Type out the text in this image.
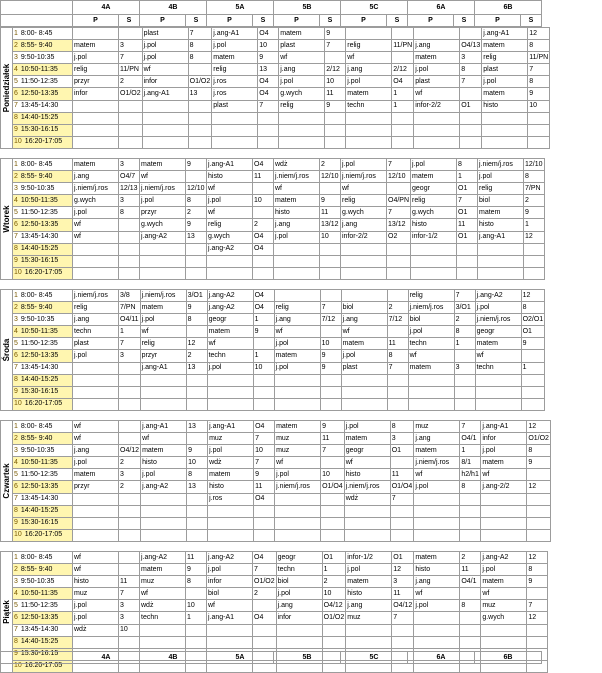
	4A		4B		5A		5B		5C		6A		6B	
	P	S	P	S	P	S	P	S	P	S	P	S	P	S
Poniedziałek	1 8:00- 8:45			plast	7	j.ang-A1	O4	matem	9					j.ang-A1	12
	2 8:55- 9:40	matem	3	j.pol	8	j.pol	10	plast	7	relig	11/PN	j.ang	O4/13	matem	8
	3 9:50-10:35	j.pol	7	j.pol	8	matem	9	wf		wf		matem	3	relig	11/PN
	4 10:50-11:35	relig	11/PN	wf		relig	13	j.ang	2/12	j.ang	2/12	j.pol	8	plast	7
	5 11:50-12:35	przyr	2	infor	O1/O2	j.ros	O4	j.pol	10	j.pol	O4	plast	7	j.pol	8
	6 12:50-13:35	infor	O1/O2	j.ang-A1	13	j.ros	O4	g.wych	11	matem	1	wf		matem	9
	7 13:45-14:30					plast	7	relig	9	techn	1	infor-2/2	O1	histo	10
	8 14:40-15:25														
	9 15:30-16:15														
	10 16:20-17:05														
Wtorek	1 8:00- 8:45	matem	3	matem	9	j.ang-A1	O4	wdż	2	j.pol	7	j.pol	8	j.niem/j.ros	12/10
	2 8:55- 9:40	j.ang	O4/7	wf		histo	11	j.niem/j.ros	12/10	j.niem/j.ros	12/10	matem	1	j.pol	8
	3 9:50-10:35	j.niem/j.ros	12/13	j.niem/j.ros	12/10	wf		wf		wf		geogr	O1	relig	7/PN
	4 10:50-11:35	g.wych	3	j.pol	8	j.pol	10	matem	9	relig	O4/PN	relig	7	biol	2
	5 11:50-12:35	j.pol	8	przyr	2	wf		histo	11	g.wych	7	g.wych	O1	matem	9
	6 12:50-13:35	wf		g.wych	9	relig	2	j.ang	13/12	j.ang	13/12	histo	11	histo	1
	7 13:45-14:30	wf		j.ang-A2	13	g.wych	O4	j.pol	10	infor-2/2	O2	infor-1/2	O1	j.ang-A1	12
	8 14:40-15:25					j.ang-A2	O4								
	9 15:30-16:15														
	10 16:20-17:05														
Środa	1 8:00- 8:45	j.niem/j.ros	3/8	j.niem/j.ros	3/O1	j.ang-A2	O4					relig	7	j.ang-A2	12
	2 8:55- 9:40	relig	7/PN	matem	9	j.ang-A2	O4	relig	7	biol	2	j.niem/j.ros	3/O1	j.pol	8
	3 9:50-10:35	j.ang	O4/11	j.pol	8	geogr	1	j.ang	7/12	j.ang	7/12	biol	2	j.niem/j.ros	O2/O1
	4 10:50-11:35	techn	1	wf		matem	9	wf		wf		j.pol	8	geogr	O1
	5 11:50-12:35	plast	7	relig	12	wf		j.pol	10	matem	11	techn	1	matem	9
	6 12:50-13:35	j.pol	3	przyr	2	techn	1	matem	9	j.pol	8	wf		wf	
	7 13:45-14:30			j.ang-A1	13	j.pol	10	j.pol	9	plast	7	matem	3	techn	1
	8 14:40-15:25														
	9 15:30-16:15														
	10 16:20-17:05														
Czwartek	1 8:00- 8:45	wf		j.ang-A1	13	j.ang-A1	O4	matem	9	j.pol	8	muz	7	j.ang-A1	12
	2 8:55- 9:40	wf		wf		muz	7	muz	11	matem	3	j.ang	O4/1	infor	O1/O2
	3 9:50-10:35	j.ang	O4/12	matem	9	j.pol	10	muz	7	geogr	O1	matem	1	j.pol	8
	4 10:50-11:35	j.pol	2	histo	10	wdż	7	wf		wf		j.niem/j.ros	8/1	matem	9
	5 11:50-12:35	matem	3	j.pol	8	matem	9	j.pol	10	histo	11	wf	h2/h1	wf	
	6 12:50-13:35	przyr	2	j.ang-A2	13	histo	11	j.niem/j.ros	O1/O4	j.niem/j.ros	O1/O4	j.pol	8	j.ang-2/2	12
	7 13:45-14:30					j.ros	O4			wdż	7				
	8 14:40-15:25														
	9 15:30-16:15														
	10 16:20-17:05														
Piątek	1 8:00- 8:45	wf		j.ang-A2	11	j.ang-A2	O4	geogr	O1	infor-1/2	O1	matem	2	j.ang-A2	12
	2 8:55- 9:40	wf		matem	9	j.pol	7	techn	1	j.pol	12	histo	11	j.pol	8
	3 9:50-10:35	histo	11	muz	8	infor	O1/O2	biol	2	matem	3	j.ang	O4/1	matem	9
	4 10:50-11:35	muz	7	wf		biol	2	j.pol	10	histo	11	wf		wf	
	5 11:50-12:35	j.pol	3	wdż	10	wf		j.ang	O4/12	j.ang	O4/12	j.pol	8	muz	7
	6 12:50-13:35	j.pol	3	techn	1	j.ang-A1	O4	infor	O1/O2	muz	7			g.wych	12
	7 13:45-14:30	wdż	10												
	8 14:40-15:25														
	9 15:30-16:15														
	10 16:20-17:05														
	4A	4B	5A	5B	5C	6A	6B
